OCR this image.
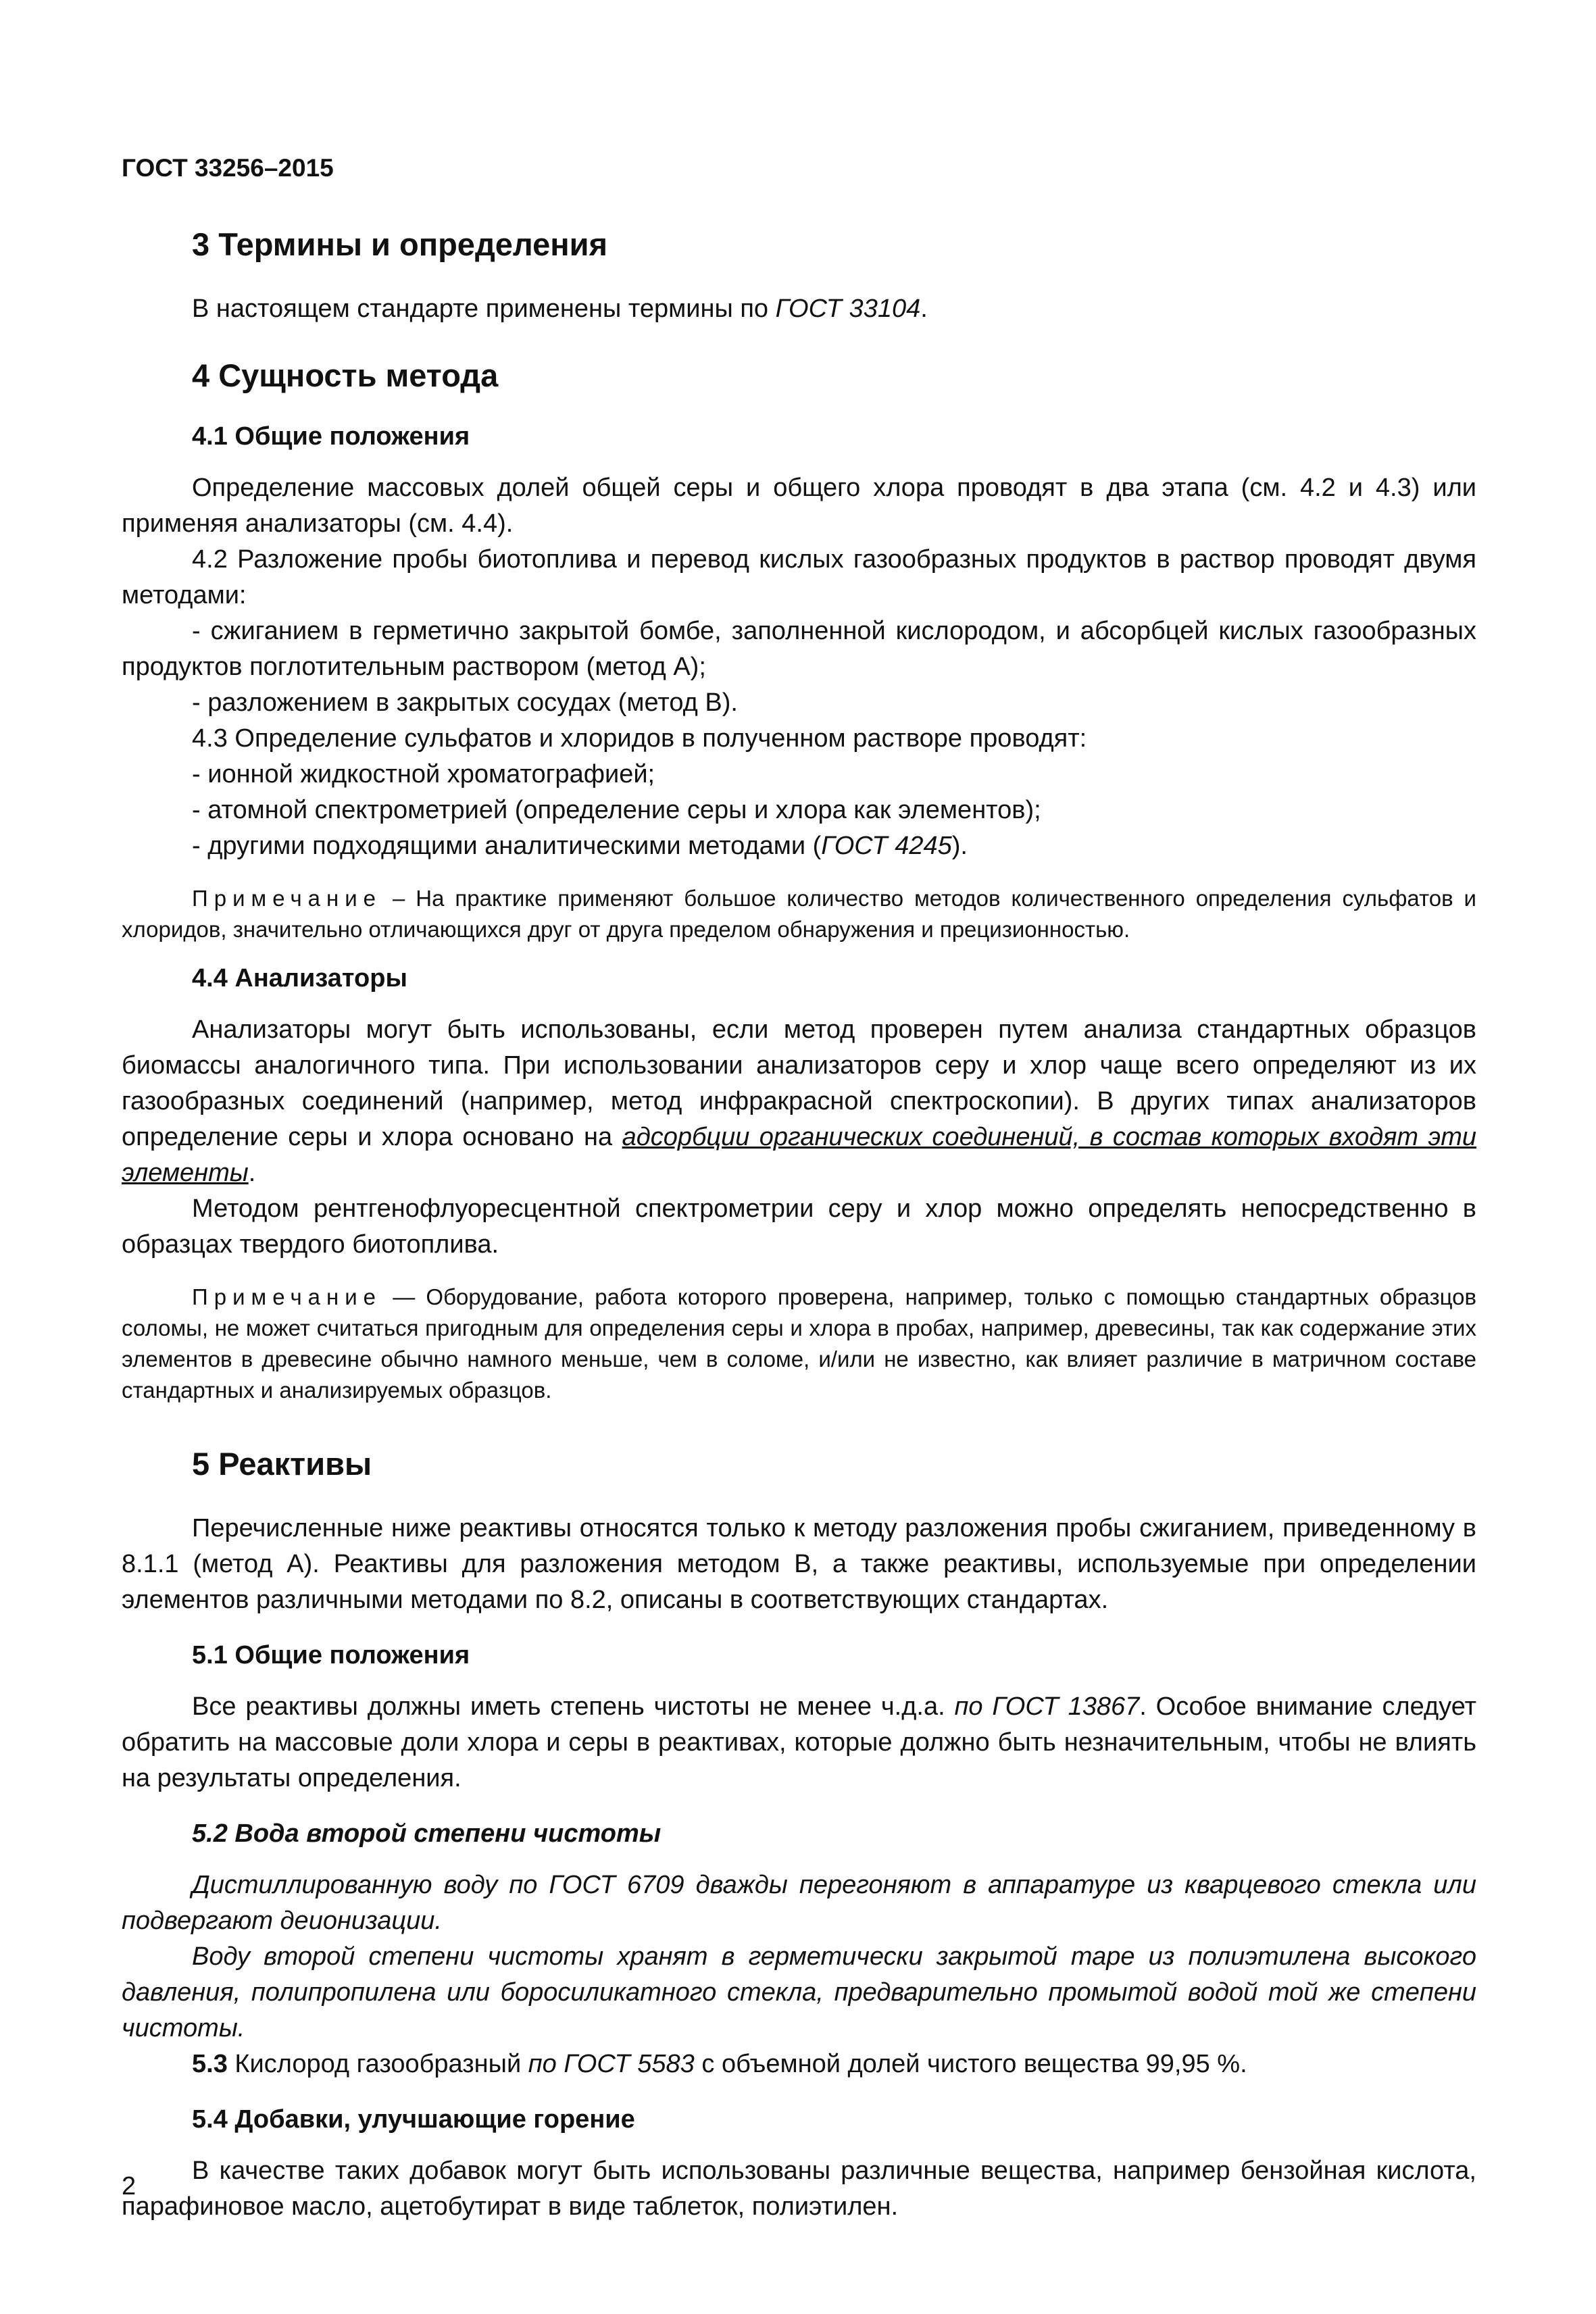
ГОСТ 33256–2015
3 Термины и определения

В настоящем стандарте применены термины по ГОСТ 33104.

4 Сущность метода
4.1 Общие положения

Определение массовых долей общей серы и общего хлора проводят в два этапа (см. 4.2 и 4.3) или применяя анализаторы (см. 4.4).

4.2 Разложение пробы биотоплива и перевод кислых газообразных продуктов в раствор проводят двумя методами:

- сжиганием в герметично закрытой бомбе, заполненной кислородом, и абсорбцей кислых газообразных продуктов поглотительным раствором (метод А);

- разложением в закрытых сосудах (метод В).

4.3 Определение сульфатов и хлоридов в полученном растворе проводят:

- ионной жидкостной хроматографией;

- атомной спектрометрией (определение серы и хлора как элементов);

- другими подходящими аналитическими методами (ГОСТ 4245).

Примечание – На практике применяют большое количество методов количественного определения сульфатов и хлоридов, значительно отличающихся друг от друга пределом обнаружения и прецизионностью.
4.4 Анализаторы

Анализаторы могут быть использованы, если метод проверен путем анализа стандартных образцов биомассы аналогичного типа. При использовании анализаторов серу и хлор чаще всего определяют из их газообразных соединений (например, метод инфракрасной спектроскопии). В других типах анализаторов определение серы и хлора основано на адсорбции органических соединений, в состав которых входят эти элементы.

Методом рентгенофлуоресцентной спектрометрии серу и хлор можно определять непосредственно в образцах твердого биотоплива.

Примечание — Оборудование, работа которого проверена, например, только с помощью стандартных образцов соломы, не может считаться пригодным для определения серы и хлора в пробах, например, древесины, так как содержание этих элементов в древесине обычно намного меньше, чем в соломе, и/или не известно, как влияет различие в матричном составе стандартных и анализируемых образцов.
5 Реактивы

Перечисленные ниже реактивы относятся только к методу разложения пробы сжиганием, приведенному в 8.1.1 (метод А). Реактивы для разложения методом В, а также реактивы, используемые при определении элементов различными методами по 8.2, описаны в соответствующих стандартах.

5.1 Общие положения

Все реактивы должны иметь степень чистоты не менее ч.д.а. по ГОСТ 13867. Особое внимание следует обратить на массовые доли хлора и серы в реактивах, которые должно быть незначительным, чтобы не влиять на результаты определения.

5.2 Вода второй степени чистоты

Дистиллированную воду по ГОСТ 6709 дважды перегоняют в аппаратуре из кварцевого стекла или подвергают деионизации.

Воду второй степени чистоты хранят в герметически закрытой таре из полиэтилена высокого давления, полипропилена или боросиликатного стекла, предварительно промытой водой той же степени чистоты.

5.3 Кислород газообразный по ГОСТ 5583 с объемной долей чистого вещества 99,95 %.

5.4 Добавки, улучшающие горение

В качестве таких добавок могут быть использованы различные вещества, например бензойная кислота, парафиновое масло, ацетобутират в виде таблеток, полиэтилен.

2
